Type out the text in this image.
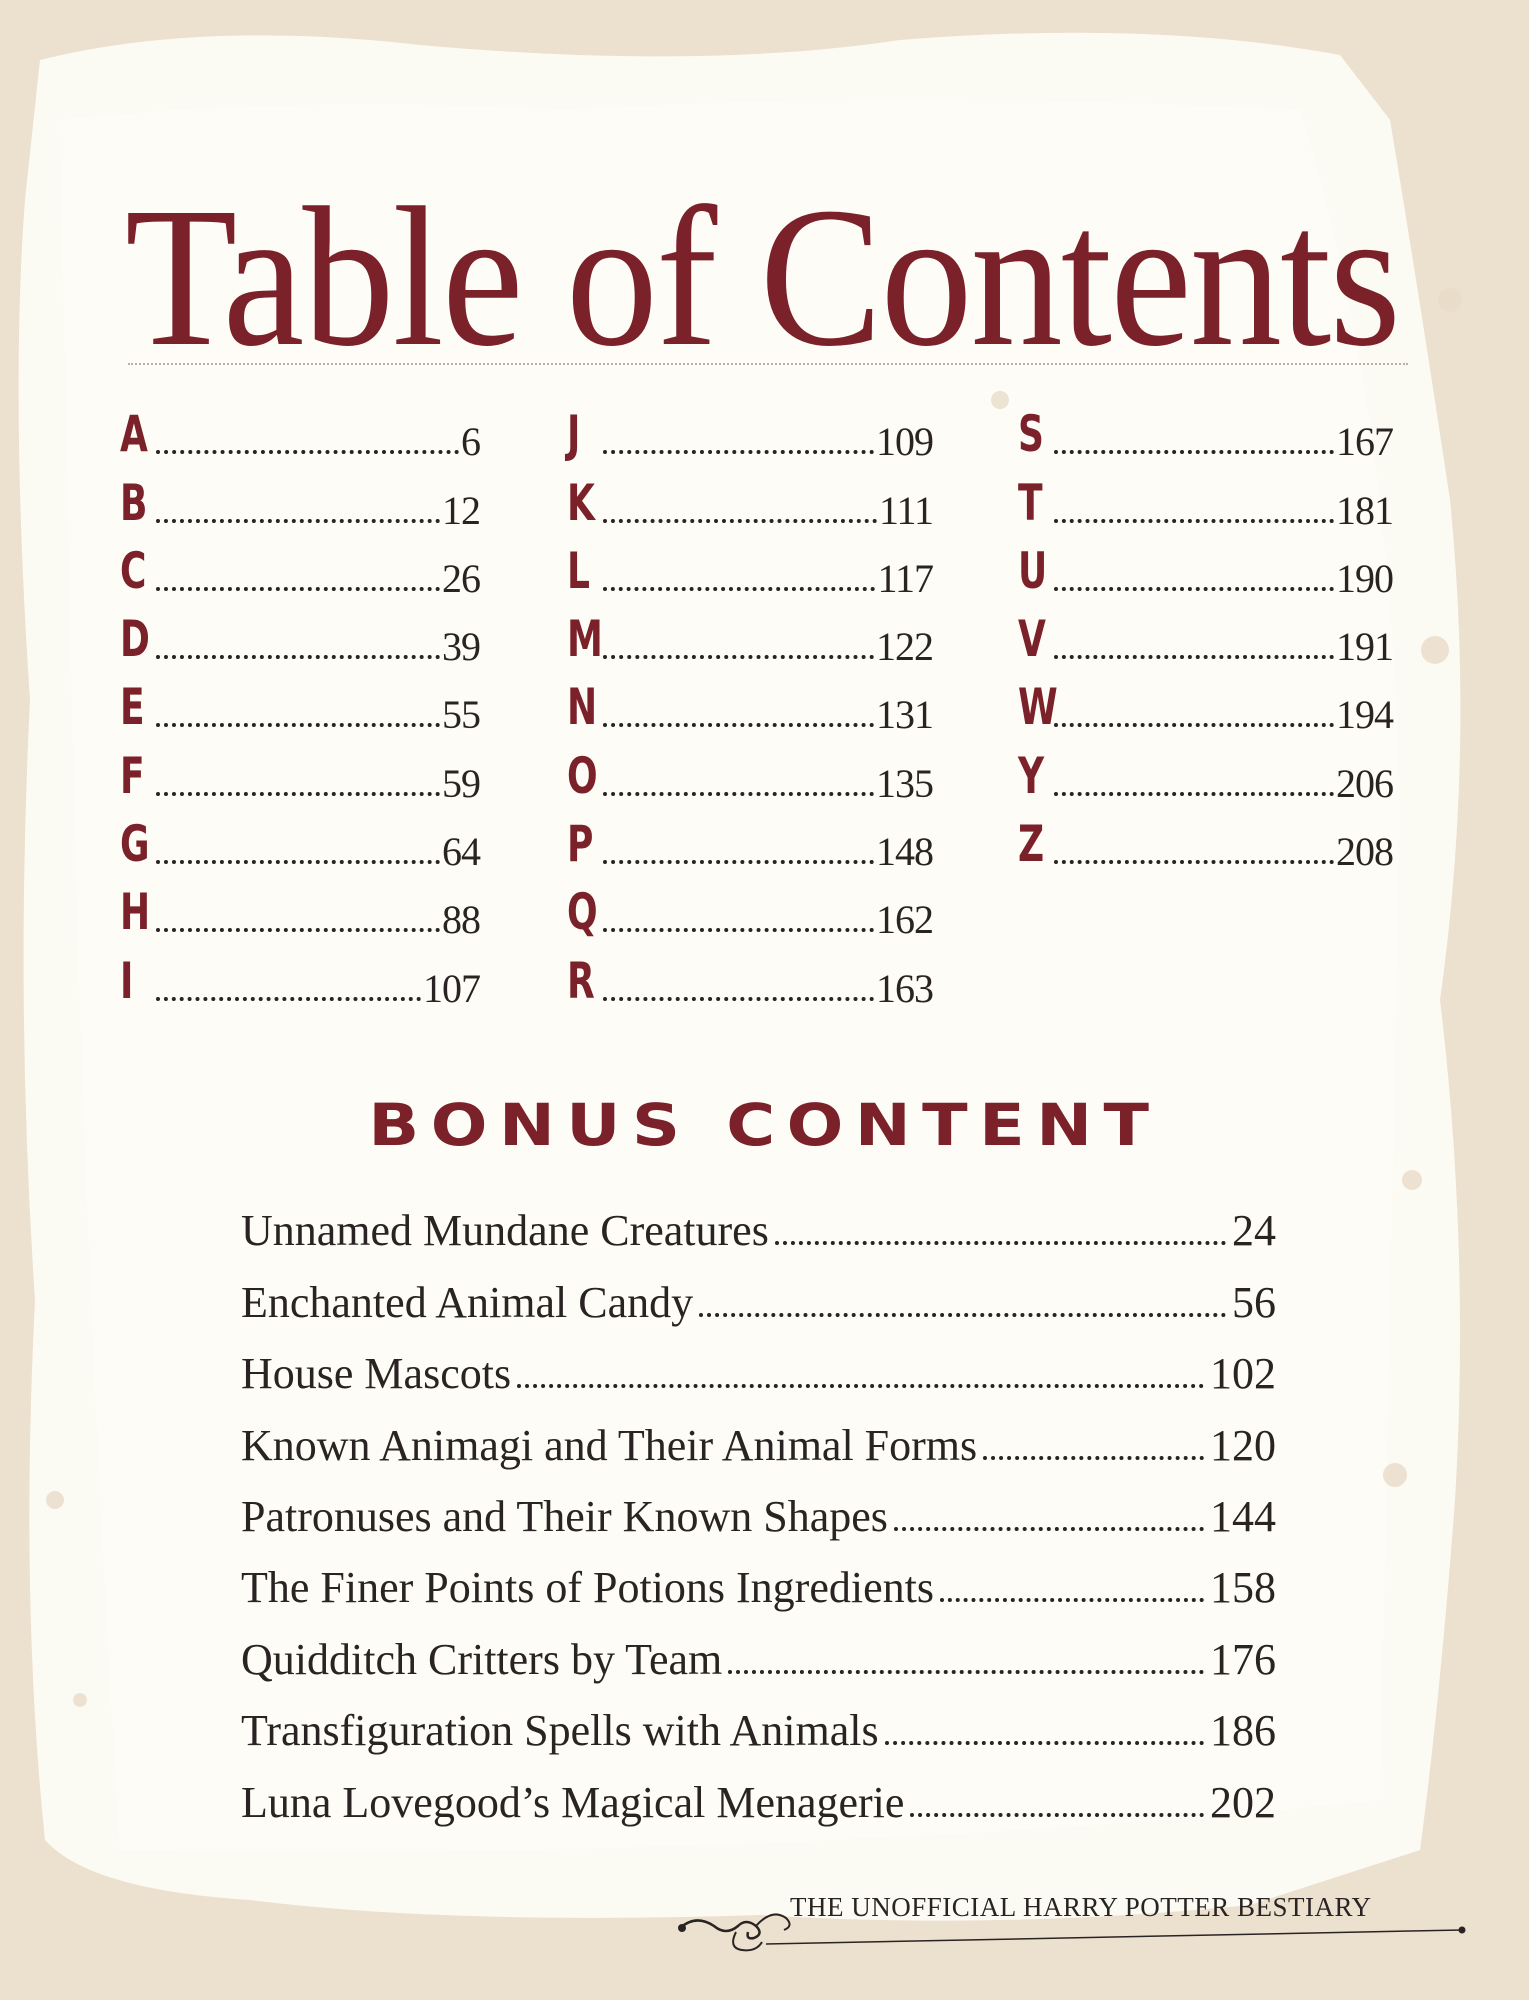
Table of Contents
A	6
B	12
C	26
D	39
E	55
F	59
G	64
H	88
I	107
J	109
K	111
L	117
M	122
N	131
O	135
P	148
Q	162
R	163
S	167
T	181
U	190
V	191
W	194
Y	206
Z	208
BONUS CONTENT
Unnamed Mundane Creatures	24
Enchanted Animal Candy	56
House Mascots	102
Known Animagi and Their Animal Forms	120
Patronuses and Their Known Shapes	144
The Finer Points of Potions Ingredients	158
Quidditch Critters by Team	176
Transfiguration Spells with Animals	186
Luna Lovegood’s Magical Menagerie	202
THE UNOFFICIAL HARRY POTTER BESTIARY
